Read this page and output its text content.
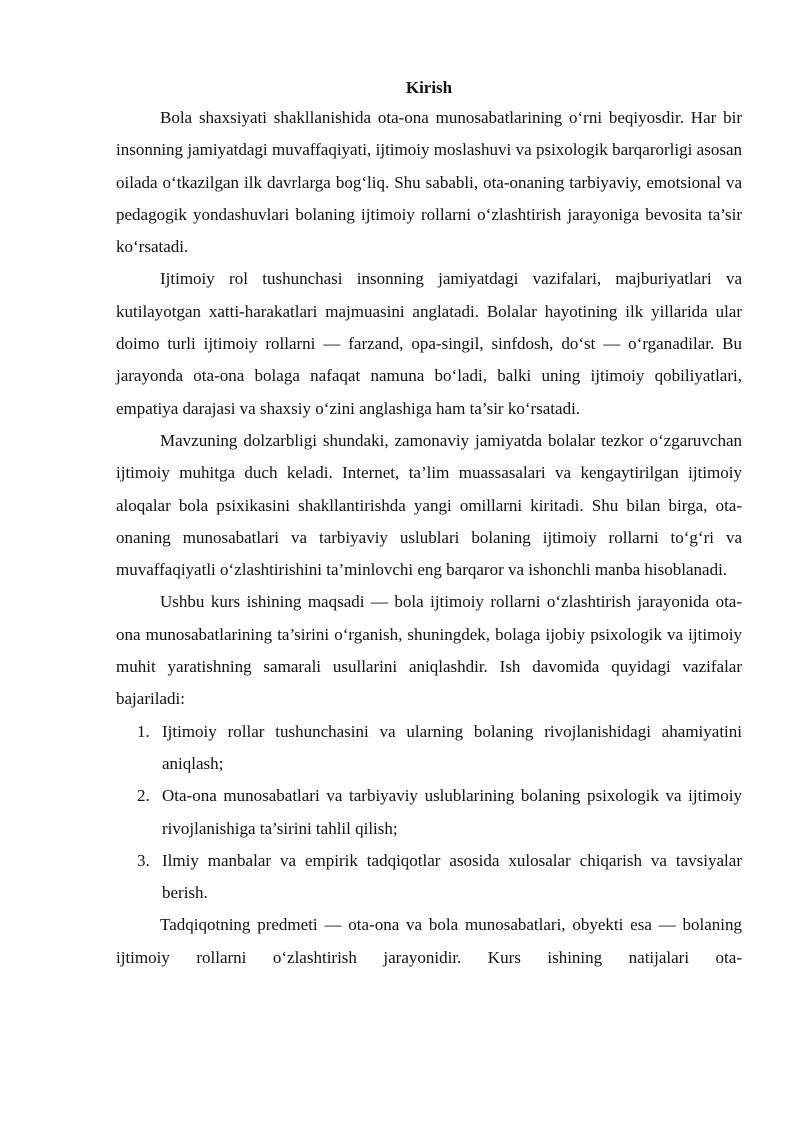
Kirish

Bola shaxsiyati shakllanishida ota-ona munosabatlarining o‘rni beqiyosdir. Har bir insonning jamiyatdagi muvaffaqiyati, ijtimoiy moslashuvi va psixologik barqarorligi asosan oilada o‘tkazilgan ilk davrlarga bog‘liq. Shu sababli, ota-onaning tarbiyaviy, emotsional va pedagogik yondashuvlari bolaning ijtimoiy rollarni o‘zlashtirish jarayoniga bevosita ta’sir ko‘rsatadi.

Ijtimoiy rol tushunchasi insonning jamiyatdagi vazifalari, majburiyatlari va kutilayotgan xatti-harakatlari majmuasini anglatadi. Bolalar hayotining ilk yillarida ular doimo turli ijtimoiy rollarni — farzand, opa-singil, sinfdosh, do‘st — o‘rganadilar. Bu jarayonda ota-ona bolaga nafaqat namuna bo‘ladi, balki uning ijtimoiy qobiliyatlari, empatiya darajasi va shaxsiy o‘zini anglashiga ham ta’sir ko‘rsatadi.

Mavzuning dolzarbligi shundaki, zamonaviy jamiyatda bolalar tezkor o‘zgaruvchan ijtimoiy muhitga duch keladi. Internet, ta’lim muassasalari va kengaytirilgan ijtimoiy aloqalar bola psixikasini shakllantirishda yangi omillarni kiritadi. Shu bilan birga, ota-onaning munosabatlari va tarbiyaviy uslublari bolaning ijtimoiy rollarni to‘g‘ri va muvaffaqiyatli o‘zlashtirishini ta’minlovchi eng barqaror va ishonchli manba hisoblanadi.

Ushbu kurs ishining maqsadi — bola ijtimoiy rollarni o‘zlashtirish jarayonida ota-ona munosabatlarining ta’sirini o‘rganish, shuningdek, bolaga ijobiy psixologik va ijtimoiy muhit yaratishning samarali usullarini aniqlashdir. Ish davomida quyidagi vazifalar bajariladi:

1. Ijtimoiy rollar tushunchasini va ularning bolaning rivojlanishidagi ahamiyatini aniqlash;
2. Ota-ona munosabatlari va tarbiyaviy uslublarining bolaning psixologik va ijtimoiy rivojlanishiga ta’sirini tahlil qilish;
3. Ilmiy manbalar va empirik tadqiqotlar asosida xulosalar chiqarish va tavsiyalar berish.

Tadqiqotning predmeti — ota-ona va bola munosabatlari, obyekti esa — bolaning ijtimoiy rollarni o‘zlashtirish jarayonidir. Kurs ishining natijalari ota-
